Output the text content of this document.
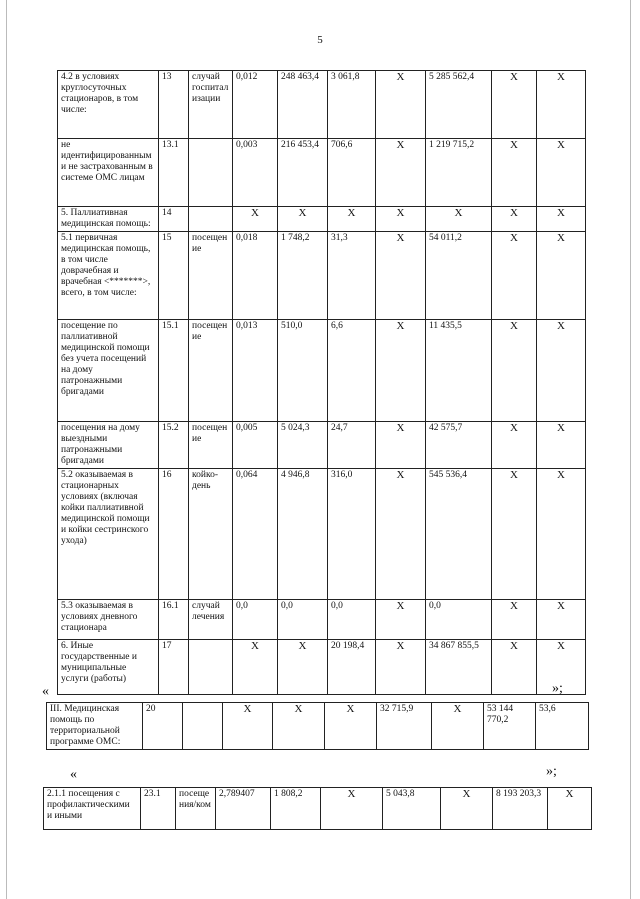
5
4.2 в условиях круглосуточных стационаров, в том числе:	13	случай госпитализации	0,012	248 463,4	3 061,8	X	5 285 562,4	X	X
не идентифицированным и не застрахованным в системе ОМС лицам	13.1		0,003	216 453,4	706,6	X	1 219 715,2	X	X
5. Паллиативная медицинская помощь:	14		X	X	X	X	X	X	X
5.1 первичная медицинская помощь, в том числе доврачебная и врачебная <*******>, всего, в том числе:	15	посещение	0,018	1 748,2	31,3	X	54 011,2	X	X
посещение по паллиативной медицинской помощи без учета посещений на дому патронажными бригадами	15.1	посещение	0,013	510,0	6,6	X	11 435,5	X	X
посещения на дому выездными патронажными бригадами	15.2	посещение	0,005	5 024,3	24,7	X	42 575,7	X	X
5.2 оказываемая в стационарных условиях (включая койки паллиативной медицинской помощи и койки сестринского ухода)	16	койко-день	0,064	4 946,8	316,0	X	545 536,4	X	X
5.3 оказываемая в условиях дневного стационара	16.1	случай лечения	0,0	0,0	0,0	X	0,0	X	X
6. Иные государственные и муниципальные услуги (работы)	17		X	X	20 198,4	X	34 867 855,5	X	X
«	»;
III. Медицинская помощь по территориальной программе ОМС:	20		X	X	X	32 715,9	X	53 144 770,2	53,6
«	»;
2.1.1 посещения с профилактическими и иными	23.1	посещения/ком	2,789407	1 808,2	X	5 043,8	X	8 193 203,3	X
